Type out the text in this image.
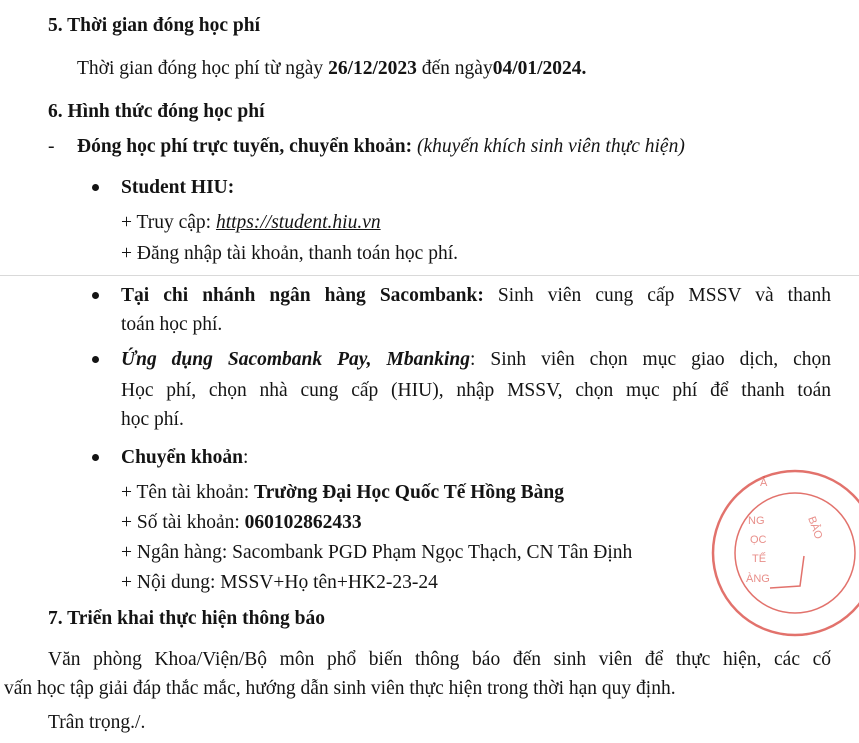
5. Thời gian đóng học phí
Thời gian đóng học phí từ ngày 26/12/2023 đến ngày04/01/2024.
6. Hình thức đóng học phí
- Đóng học phí trực tuyến, chuyển khoản: (khuyến khích sinh viên thực hiện)
Student HIU:
+ Truy cập: https://student.hiu.vn
+ Đăng nhập tài khoản, thanh toán học phí.
Tại chi nhánh ngân hàng Sacombank: Sinh viên cung cấp MSSV và thanh
toán học phí.
Ứng dụng Sacombank Pay, Mbanking: Sinh viên chọn mục giao dịch, chọn
Học phí, chọn nhà cung cấp (HIU), nhập MSSV, chọn mục phí để thanh toán
học phí.
Chuyển khoản:
+ Tên tài khoản: Trường Đại Học Quốc Tế Hồng Bàng
+ Số tài khoản: 060102862433
+ Ngân hàng: Sacombank PGD Phạm Ngọc Thạch, CN Tân Định
+ Nội dung: MSSV+Họ tên+HK2-23-24
7. Triển khai thực hiện thông báo
Văn phòng Khoa/Viện/Bộ môn phổ biến thông báo đến sinh viên để thực hiện, các cố
vấn học tập giải đáp thắc mắc, hướng dẫn sinh viên thực hiện trong thời hạn quy định.
Trân trọng./.
NG
ỌC
TẾ
ÀNG
BẢO
Ả
